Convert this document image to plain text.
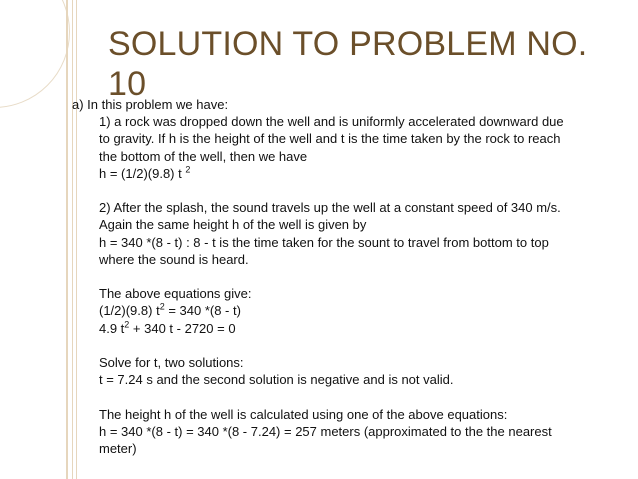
SOLUTION TO PROBLEM NO. 10

a) In this problem we have:

1) a rock was dropped down the well and is uniformly accelerated downward due
to gravity. If h is the height of the well and t is the time taken by the rock to reach
the bottom of the well, then we have
h = (1/2)(9.8) t $^2$
2) After the splash, the sound travels up the well at a constant speed of 340 m/s.
Again the same height h of the well is given by
h = 340 *(8 - t) : 8 - t is the time taken for the sount to travel from bottom to top
where the sound is heard.
The above equations give:
(1/2)(9.8) $t^2 = 340$ *(8 - t)
4.9 $t^2 + 340$ t - 2720 = 0
Solve for t, two solutions:
t = 7.24 s and the second solution is negative and is not valid.
The height h of the well is calculated using one of the above equations:
h = 340 *(8 - t) = 340 *(8 - 7.24) = 257 meters (approximated to the the nearest
meter)
